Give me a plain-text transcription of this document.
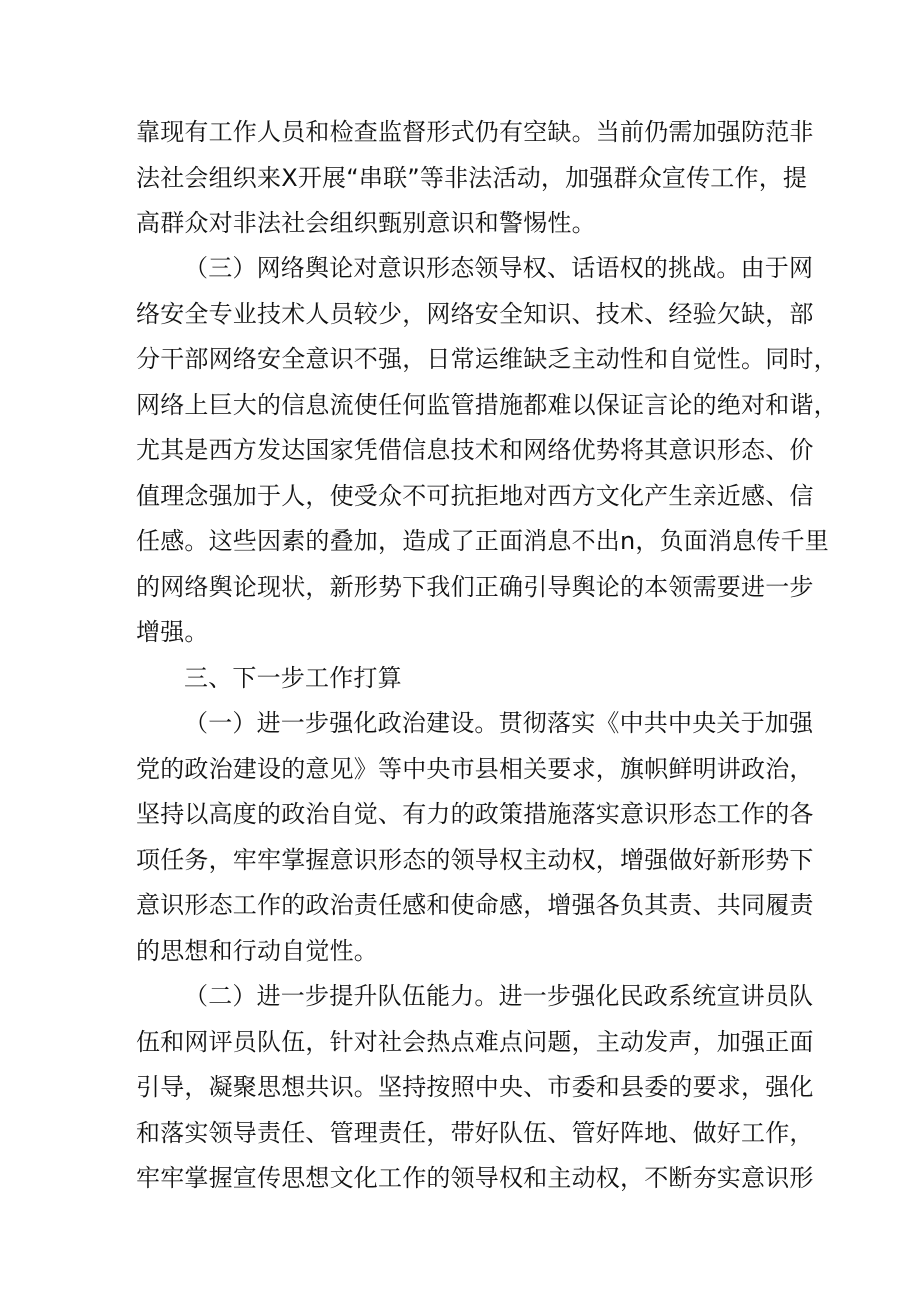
靠现有工作人员和检查监督形式仍有空缺。当前仍需加强防范非
法社会组织来X开展“串联”等非法活动，加强群众宣传工作，提
高群众对非法社会组织甄别意识和警惕性。
（三）网络舆论对意识形态领导权、话语权的挑战。由于网
络安全专业技术人员较少，网络安全知识、技术、经验欠缺，部
分干部网络安全意识不强，日常运维缺乏主动性和自觉性。同时，
网络上巨大的信息流使任何监管措施都难以保证言论的绝对和谐，
尤其是西方发达国家凭借信息技术和网络优势将其意识形态、价
值理念强加于人，使受众不可抗拒地对西方文化产生亲近感、信
任感。这些因素的叠加，造成了正面消息不出n，负面消息传千里
的网络舆论现状，新形势下我们正确引导舆论的本领需要进一步
增强。
三、下一步工作打算
（一）进一步强化政治建设。贯彻落实《中共中央关于加强
党的政治建设的意见》等中央市县相关要求，旗帜鲜明讲政治，
坚持以高度的政治自觉、有力的政策措施落实意识形态工作的各
项任务，牢牢掌握意识形态的领导权主动权，增强做好新形势下
意识形态工作的政治责任感和使命感，增强各负其责、共同履责
的思想和行动自觉性。
（二）进一步提升队伍能力。进一步强化民政系统宣讲员队
伍和网评员队伍，针对社会热点难点问题，主动发声，加强正面
引导，凝聚思想共识。坚持按照中央、市委和县委的要求，强化
和落实领导责任、管理责任，带好队伍、管好阵地、做好工作，
牢牢掌握宣传思想文化工作的领导权和主动权，不断夯实意识形
